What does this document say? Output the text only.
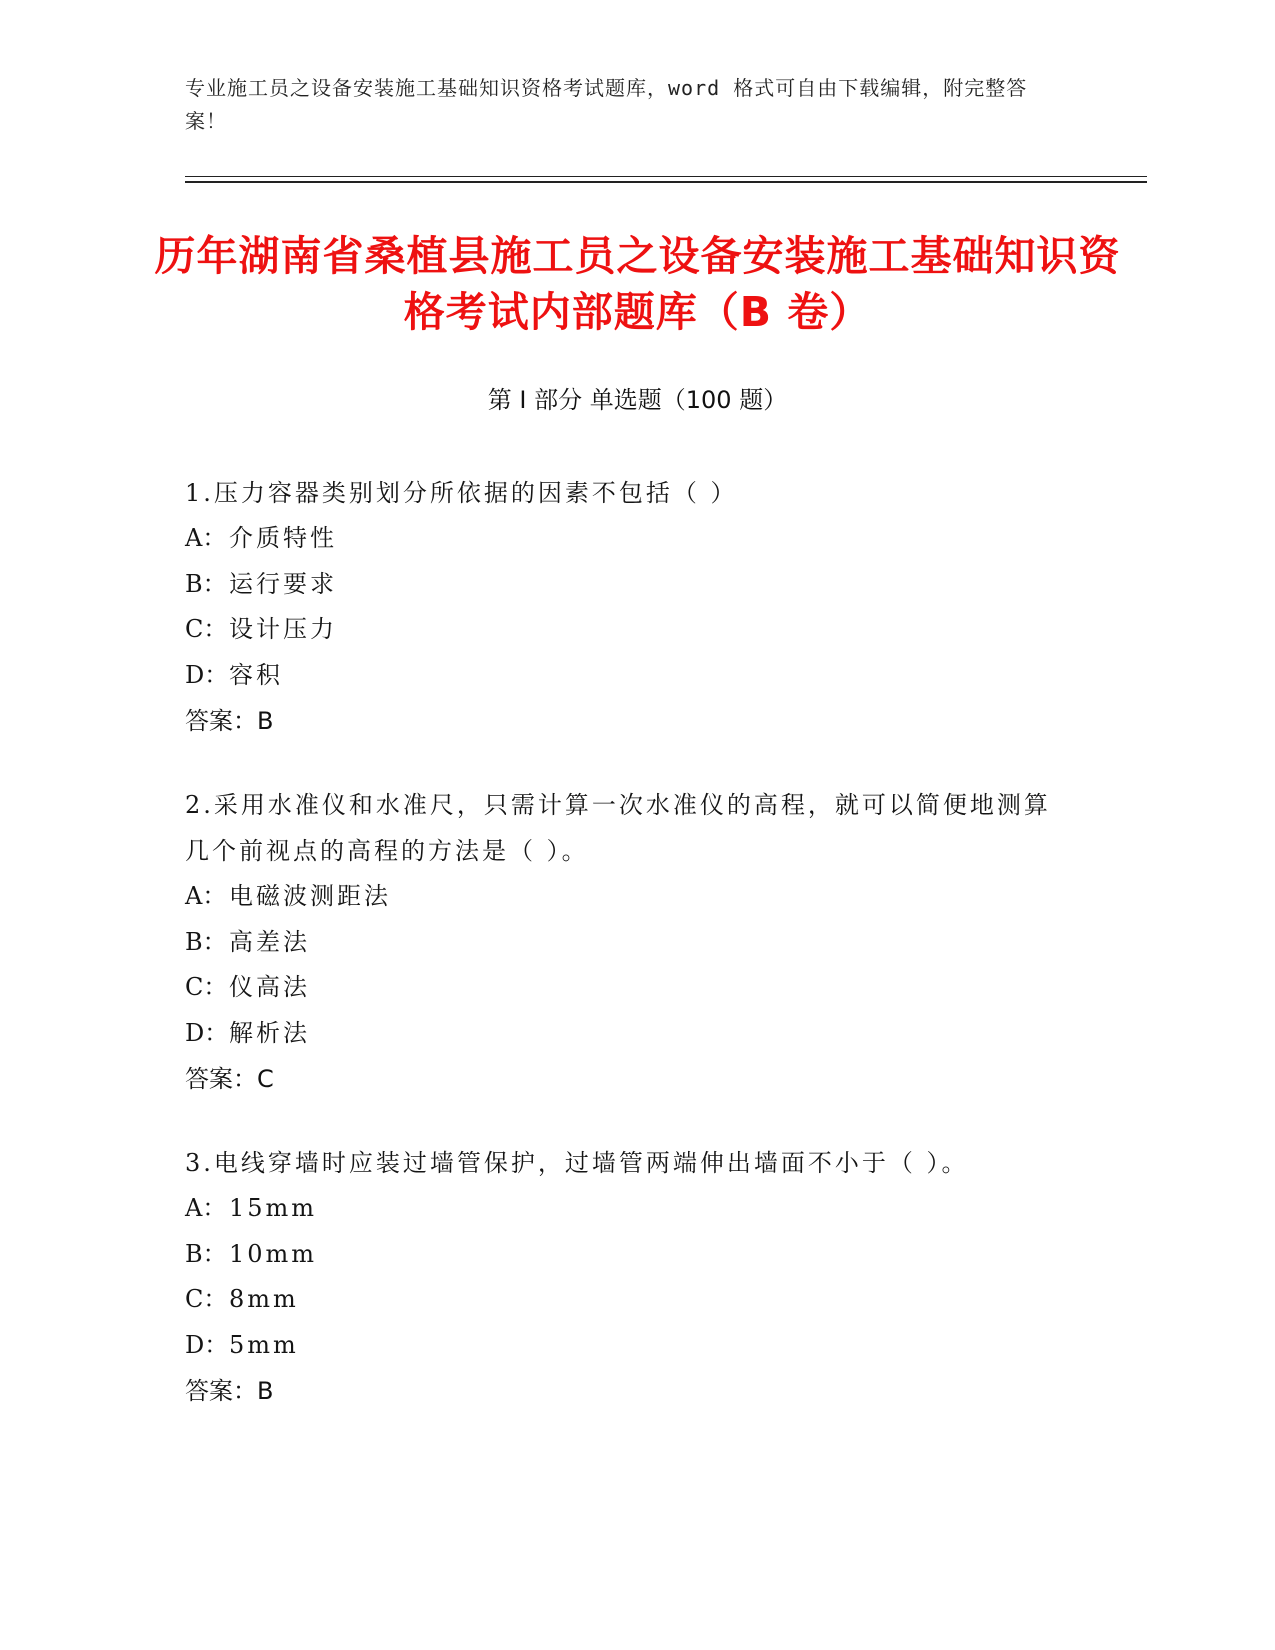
专业施工员之设备安装施工基础知识资格考试题库，word 格式可自由下载编辑，附完整答案！
历年湖南省桑植县施工员之设备安装施工基础知识资格考试内部题库（B 卷）
第 I 部分 单选题（100 题）
1.压力容器类别划分所依据的因素不包括（ ）
A： 介质特性
B： 运行要求
C： 设计压力
D： 容积
答案：B
2.采用水准仪和水准尺，只需计算一次水准仪的高程，就可以简便地测算几个前视点的高程的方法是（ ）。
A： 电磁波测距法
B： 高差法
C： 仪高法
D： 解析法
答案：C
3.电线穿墙时应装过墙管保护，过墙管两端伸出墙面不小于（ ）。
A： 15mm
B： 10mm
C： 8mm
D： 5mm
答案：B
